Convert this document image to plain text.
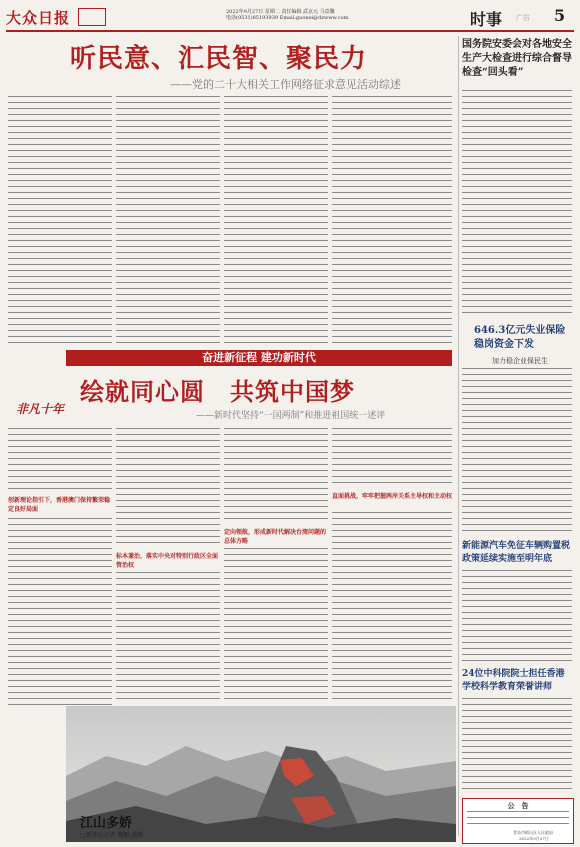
大众日报	2022年9月27日 星期二 责任编辑 武京元 马意馨
电话(0531)85193939 Email:guonei@dzwww.com	时事 广告 5
听民意、汇民智、聚民力
——党的二十大相关工作网络征求意见活动综述
奋进新征程 建功新时代
绘就同心圆　共筑中国梦
——新时代坚持“一国两制”和推进祖国统一述评
非凡十年
创新理论指引下，香港澳门保持繁荣稳定良好局面
标本兼治，落实中央对特别行政区全面管治权
定向领航，形成新时代解决台湾问题的总体方略
直面挑战，牢牢把握两岸关系主导权和主动权
江山多娇
□新华社记者 鞠鹏 摄影
国务院安委会对各地安全生产大检查进行综合督导检查“回头看”
646.3亿元失业保险稳岗资金下发
加力稳企业保民生
新能源汽车免征车辆购置税政策延续实施至明年底
24位中科院院士担任香港学校科学教育荣誉讲师
公　告
青岛市崂山区人民政府
2022年9月27日
